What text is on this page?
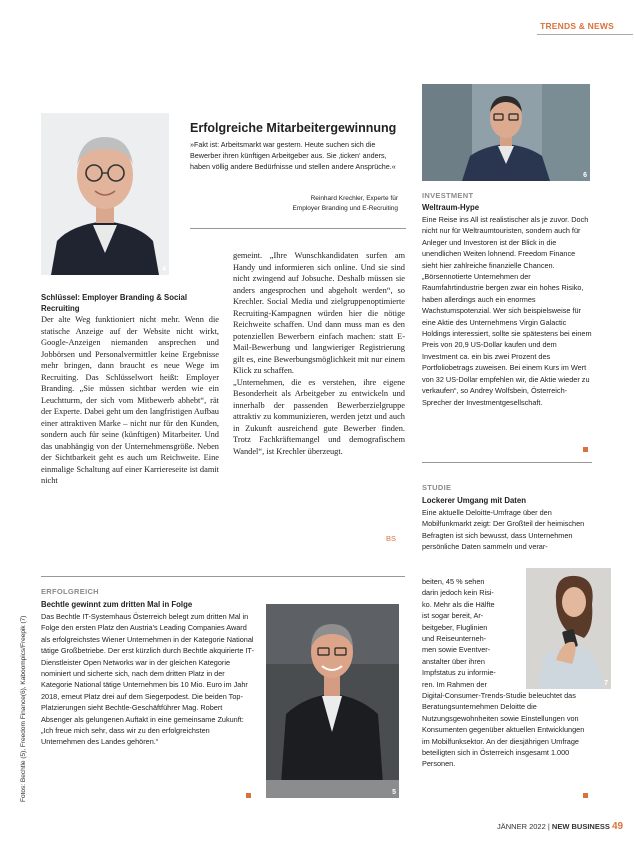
TRENDS & NEWS
4
Erfolgreiche Mitarbeitergewinnung
»Fakt ist: Arbeitsmarkt war gestern. Heute suchen sich die Bewerber ihren künftigen Arbeitgeber aus. Sie ‚ticken‘ anders, haben völlig andere Bedürfnisse und stellen andere Ansprüche.«
Reinhard Krechler, Experte für
Employer Branding und E-Recruiting
Schlüssel: Employer Branding & Social Recruiting
Der alte Weg funktioniert nicht mehr. Wenn die statische Anzeige auf der Website nicht wirkt, Google-Anzeigen niemanden ansprechen und Jobbörsen und Personalvermittler keine Ergebnisse mehr bringen, dann braucht es neue Wege im Recruiting. Das Schlüsselwort heißt: Employer Branding. „Sie müssen sichtbar werden wie ein Leuchtturm, der sich vom Mitbewerb abhebt“, rät der Experte. Dabei geht um den langfristigen Aufbau einer attraktiven Marke – nicht nur für den Kunden, sondern auch für seine (künftigen) Mitarbeiter. Und das unabhängig von der Unternehmensgröße. Neben der Sichtbarkeit geht es auch um Reichweite. Eine einmalige Schaltung auf einer Karriereseite ist damit nicht
gemeint. „Ihre Wunschkandidaten surfen am Handy und informieren sich online. Und sie sind nicht zwingend auf Jobsuche. Deshalb müssen sie anders angesprochen und abgeholt werden“, so Krechler. Social Media und zielgruppenoptimierte Recruiting-Kampagnen würden hier die nötige Reichweite schaffen. Und dann muss man es den potenziellen Bewerbern einfach machen: statt E-Mail-Bewerbung und langwieriger Registrierung gilt es, eine Bewerbungsmöglichkeit mit nur einem Klick zu schaffen.
„Unternehmen, die es verstehen, ihre eigene Besonderheit als Arbeitgeber zu entwickeln und innerhalb der passenden Bewerberzielgruppe attraktiv zu kommunizieren, werden jetzt und auch in Zukunft ausreichend gute Bewerber finden. Trotz Fachkräftemangel und demografischem Wandel“, ist Krechler überzeugt.
BS
6
INVESTMENT
Weltraum-Hype
Eine Reise ins All ist realistischer als je zuvor. Doch nicht nur für Weltraumtouristen, sondern auch für Anleger und Investoren ist der Blick in die unendlichen Weiten lohnend. Freedom Finance sieht hier zahlreiche finanzielle Chancen. „Börsennotierte Unternehmen der Raumfahrtindustrie bergen zwar ein hohes Risiko, haben allerdings auch ein enormes Wachstumspotenzial. Wer sich beispielsweise für eine Aktie des Unternehmens Virgin Galactic Holdings interessiert, sollte sie spätestens bei einem Preis von 20,9 US-Dollar kaufen und dem Investment ca. ein bis zwei Prozent des Portfoliobetrags zuweisen. Bei einem Kurs im Wert von 32 US-Dollar empfehlen wir, die Aktie wieder zu verkaufen“, so Andrey Wolfsbein, Österreich-Sprecher der Investmentgesellschaft.
STUDIE
Lockerer Umgang mit Daten
Eine aktuelle Deloitte-Umfrage über den Mobilfunkmarkt zeigt: Der Großteil der heimischen Befragten ist sich bewusst, dass Unternehmen persönliche Daten sammeln und verar-
beiten, 45 % sehen
darin jedoch kein Risi-
ko. Mehr als die Hälfte
ist sogar bereit, Ar-
beitgeber, Fluglinien
und Reiseunterneh-
men sowie Eventver-
anstalter über ihren
Impfstatus zu informie-
ren. Im Rahmen der
Digital-Consumer-Trends-Studie beleuchtet das Beratungsunternehmen Deloitte die Nutzungsgewohnheiten sowie Einstellungen von Konsumenten gegenüber aktuellen Entwicklungen im Mobilfunksektor. An der diesjährigen Umfrage beteiligten sich in Österreich insgesamt 1.000 Personen.
7
ERFOLGREICH
Bechtle gewinnt zum dritten Mal in Folge
Das Bechtle IT-Systemhaus Österreich belegt zum dritten Mal in Folge den ersten Platz den Austria’s Leading Companies Award als erfolgreichstes Wiener Unternehmen in der Kategorie National tätige Großbetriebe. Der erst kürzlich durch Bechtle akquirierte IT-Dienstleister Open Networks war in der gleichen Kategorie nominiert und sicherte sich, nach dem dritten Platz in der Kategorie National tätige Unternehmen bis 10 Mio. Euro im Jahr 2018, erneut Platz drei auf dem Siegerpodest. Die beiden Top-Platzierungen sieht Bechtle-Geschäftführer Mag. Robert Absenger als gelungenen Auftakt in eine gemeinsame Zukunft: „Ich freue mich sehr, dass wir zu den erfolgreichsten Unternehmen des Landes gehören.“
5
Fotos: Bechtle (5), Freedom Finance(6), Kaboompics/Freepik (7)
JÄNNER 2022 | NEW BUSINESS 49
